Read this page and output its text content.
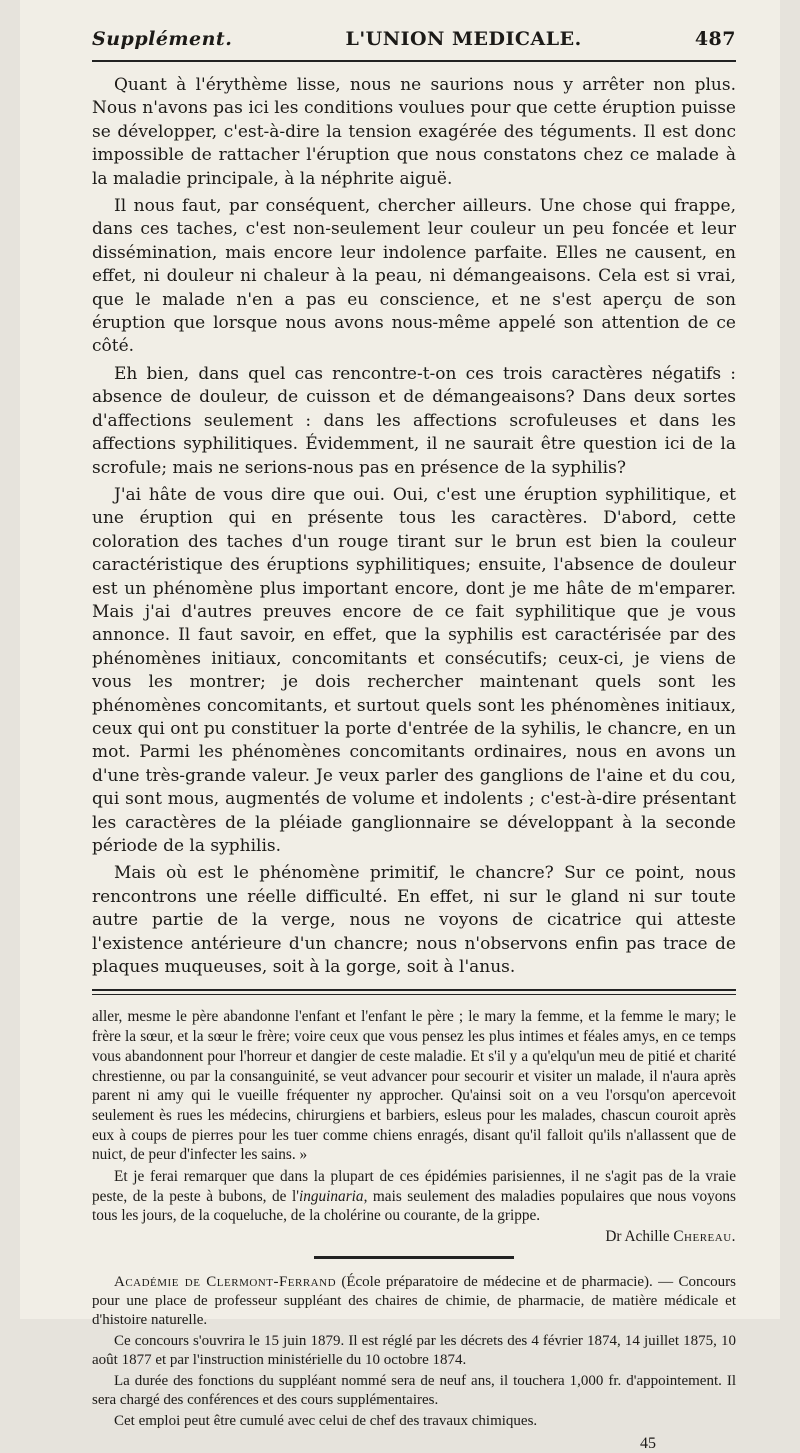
Supplément.	L'UNION MEDICALE.	487

Quant à l'érythème lisse, nous ne saurions nous y arrêter non plus. Nous n'avons pas ici les conditions voulues pour que cette éruption puisse se développer, c'est-à-dire la tension exagérée des téguments. Il est donc impossible de rattacher l'éruption que nous constatons chez ce malade à la maladie principale, à la néphrite aiguë.

Il nous faut, par conséquent, chercher ailleurs. Une chose qui frappe, dans ces taches, c'est non-seulement leur couleur un peu foncée et leur dissémination, mais encore leur indolence parfaite. Elles ne causent, en effet, ni douleur ni chaleur à la peau, ni démangeaisons. Cela est si vrai, que le malade n'en a pas eu conscience, et ne s'est aperçu de son éruption que lorsque nous avons nous-même appelé son attention de ce côté.

Eh bien, dans quel cas rencontre-t-on ces trois caractères négatifs : absence de douleur, de cuisson et de démangeaisons? Dans deux sortes d'affections seulement : dans les affections scrofuleuses et dans les affections syphilitiques. Évidemment, il ne saurait être question ici de la scrofule; mais ne serions-nous pas en présence de la syphilis?

J'ai hâte de vous dire que oui. Oui, c'est une éruption syphilitique, et une éruption qui en présente tous les caractères. D'abord, cette coloration des taches d'un rouge tirant sur le brun est bien la couleur caractéristique des éruptions syphilitiques; ensuite, l'absence de douleur est un phénomène plus important encore, dont je me hâte de m'emparer. Mais j'ai d'autres preuves encore de ce fait syphilitique que je vous annonce. Il faut savoir, en effet, que la syphilis est caractérisée par des phénomènes initiaux, concomitants et consécutifs; ceux-ci, je viens de vous les montrer; je dois rechercher maintenant quels sont les phénomènes concomitants, et surtout quels sont les phénomènes initiaux, ceux qui ont pu constituer la porte d'entrée de la syhilis, le chancre, en un mot. Parmi les phénomènes concomitants ordinaires, nous en avons un d'une très-grande valeur. Je veux parler des ganglions de l'aine et du cou, qui sont mous, augmentés de volume et indolents ; c'est-à-dire présentant les caractères de la pléiade ganglionnaire se développant à la seconde période de la syphilis.

Mais où est le phénomène primitif, le chancre? Sur ce point, nous rencontrons une réelle difficulté. En effet, ni sur le gland ni sur toute autre partie de la verge, nous ne voyons de cicatrice qui atteste l'existence antérieure d'un chancre; nous n'observons enfin pas trace de plaques muqueuses, soit à la gorge, soit à l'anus.

aller, mesme le père abandonne l'enfant et l'enfant le père ; le mary la femme, et la femme le mary; le frère la sœur, et la sœur le frère; voire ceux que vous pensez les plus intimes et féales amys, en ce temps vous abandonnent pour l'horreur et dangier de ceste maladie. Et s'il y a qu'elqu'un meu de pitié et charité chrestienne, ou par la consanguinité, se veut advancer pour secourir et visiter un malade, il n'aura après parent ni amy qui le vueille fréquenter ny approcher. Qu'ainsi soit on a veu l'orsqu'on apercevoit seulement ès rues les médecins, chirurgiens et barbiers, esleus pour les malades, chascun couroit après eux à coups de pierres pour les tuer comme chiens enragés, disant qu'il falloit qu'ils n'allassent que de nuict, de peur d'infecter les sains. »

Et je ferai remarquer que dans la plupart de ces épidémies parisiennes, il ne s'agit pas de la vraie peste, de la peste à bubons, de l'inguinaria, mais seulement des maladies populaires que nous voyons tous les jours, de la coqueluche, de la cholérine ou courante, de la grippe.

Dr Achille Chereau.

Académie de Clermont-Ferrand (École préparatoire de médecine et de pharmacie). — Concours pour une place de professeur suppléant des chaires de chimie, de pharmacie, de matière médicale et d'histoire naturelle.

Ce concours s'ouvrira le 15 juin 1879. Il est réglé par les décrets des 4 février 1874, 14 juillet 1875, 10 août 1877 et par l'instruction ministérielle du 10 octobre 1874.

La durée des fonctions du suppléant nommé sera de neuf ans, il touchera 1,000 fr. d'appointement. Il sera chargé des conférences et des cours supplémentaires.

Cet emploi peut être cumulé avec celui de chef des travaux chimiques.

45
